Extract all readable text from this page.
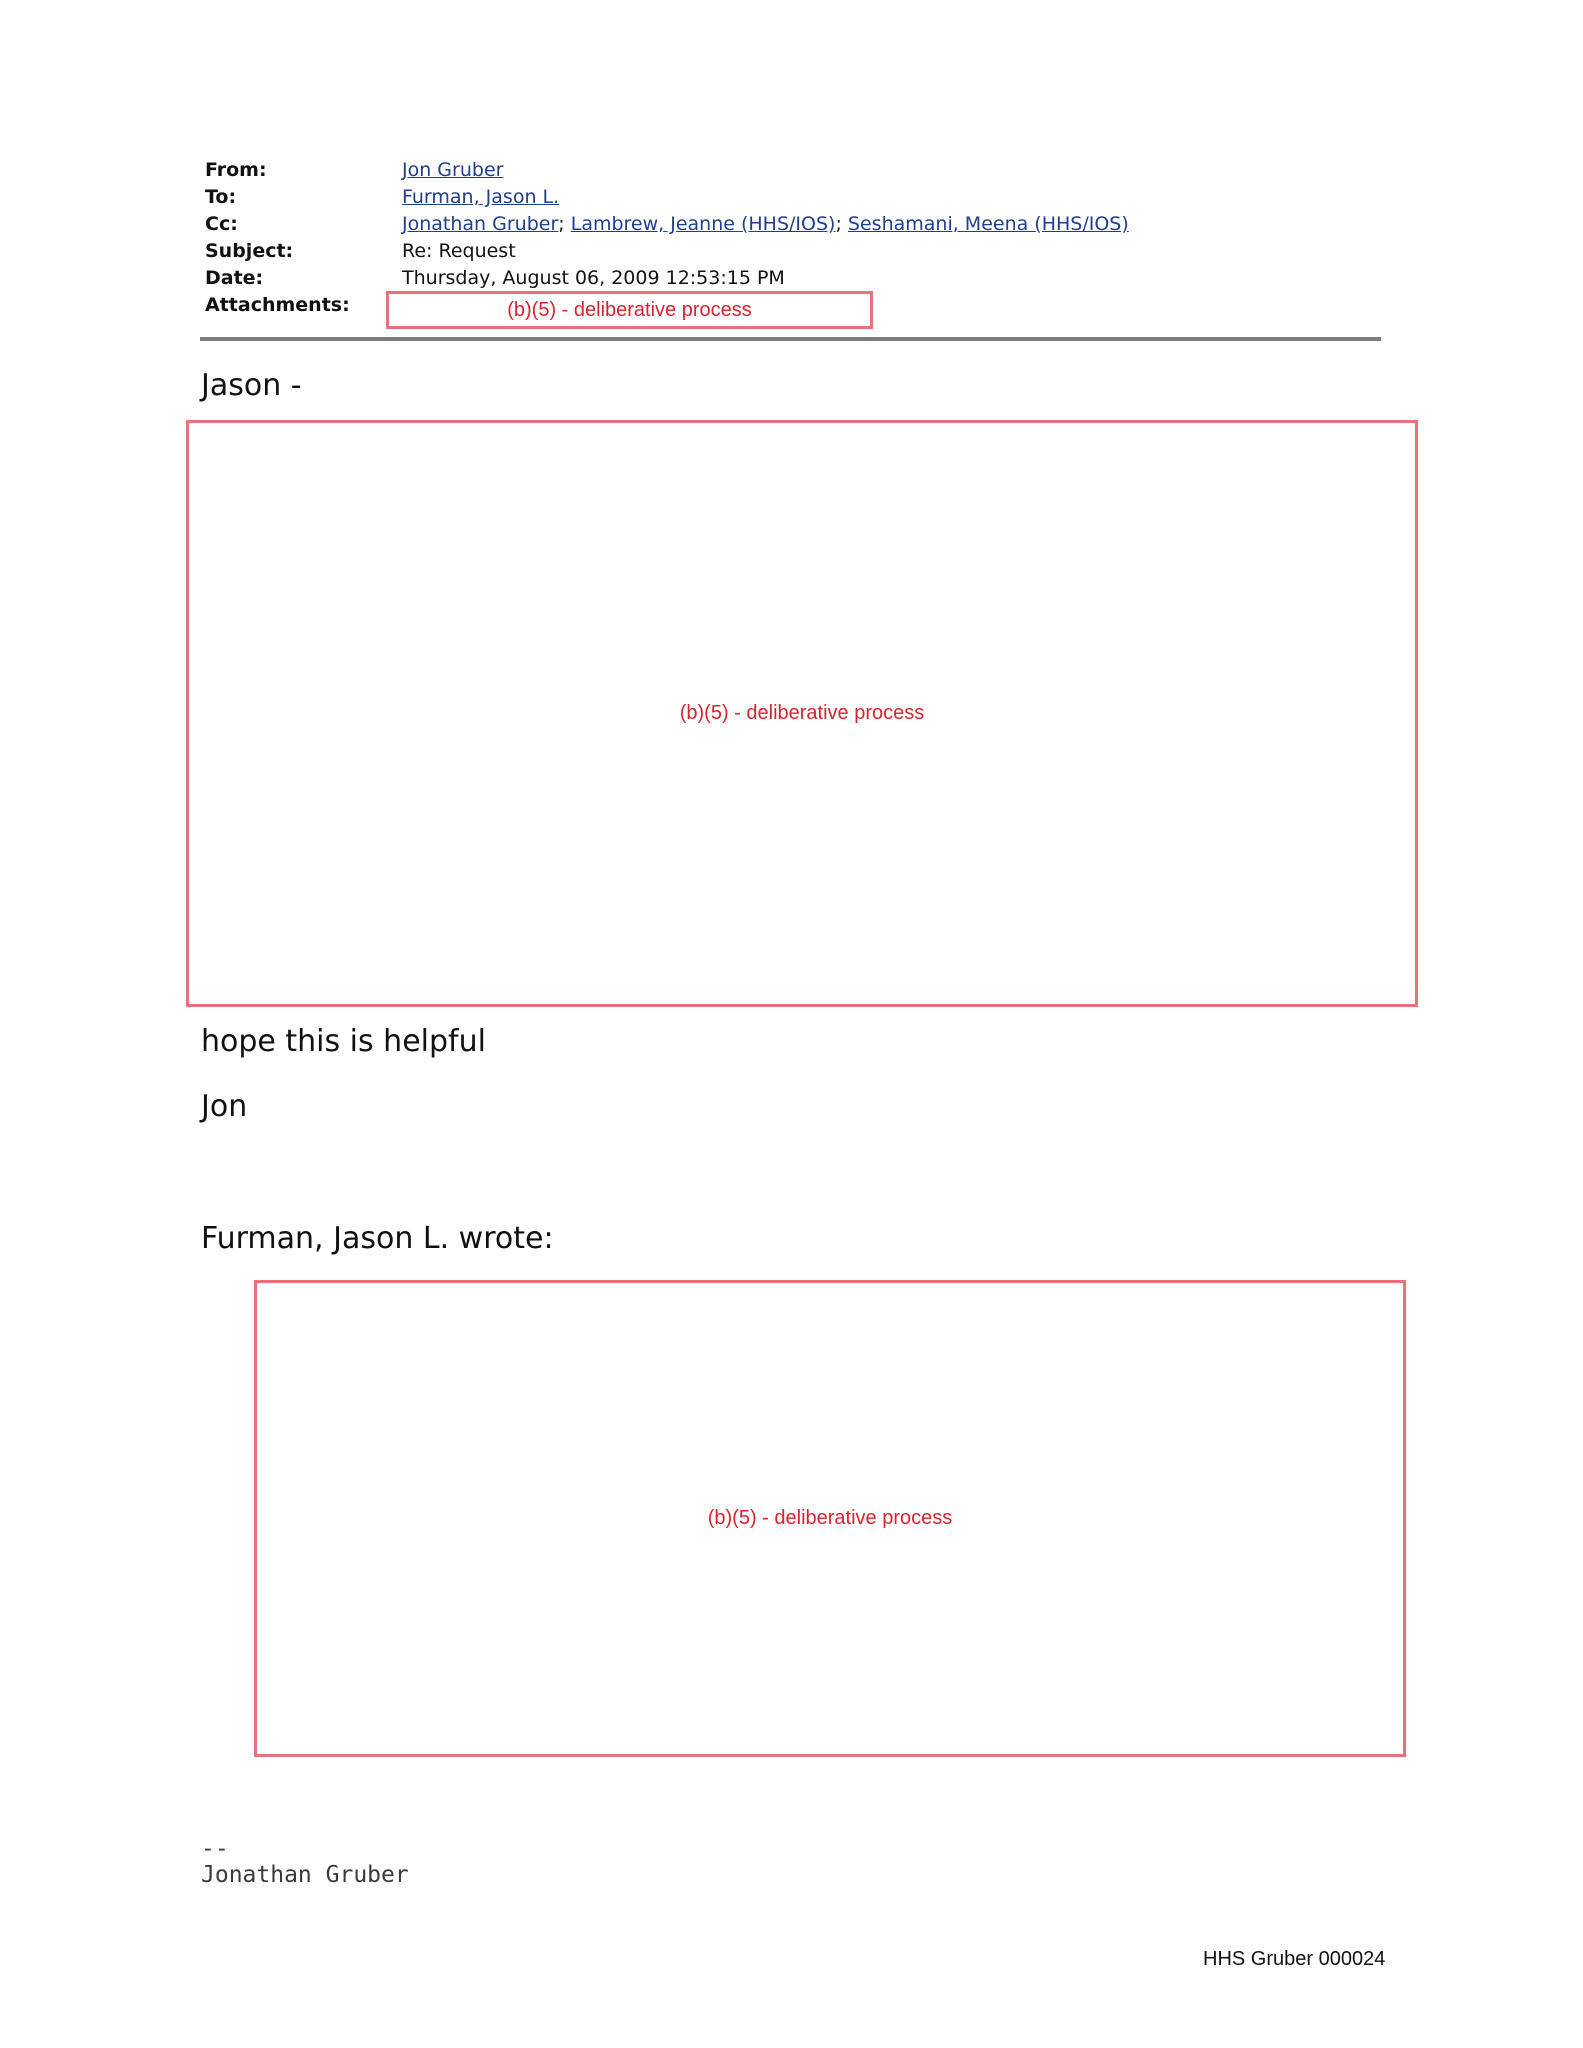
From:	Jon Gruber
To:	Furman, Jason L.
Cc:	Jonathan Gruber; Lambrew, Jeanne (HHS/IOS); Seshamani, Meena (HHS/IOS)
Subject:	Re: Request
Date:	Thursday, August 06, 2009 12:53:15 PM
Attachments:	(b)(5) - deliberative process
Jason -
(b)(5) - deliberative process
hope this is helpful
Jon
Furman, Jason L. wrote:
(b)(5) - deliberative process
--
Jonathan Gruber
HHS Gruber 000024
